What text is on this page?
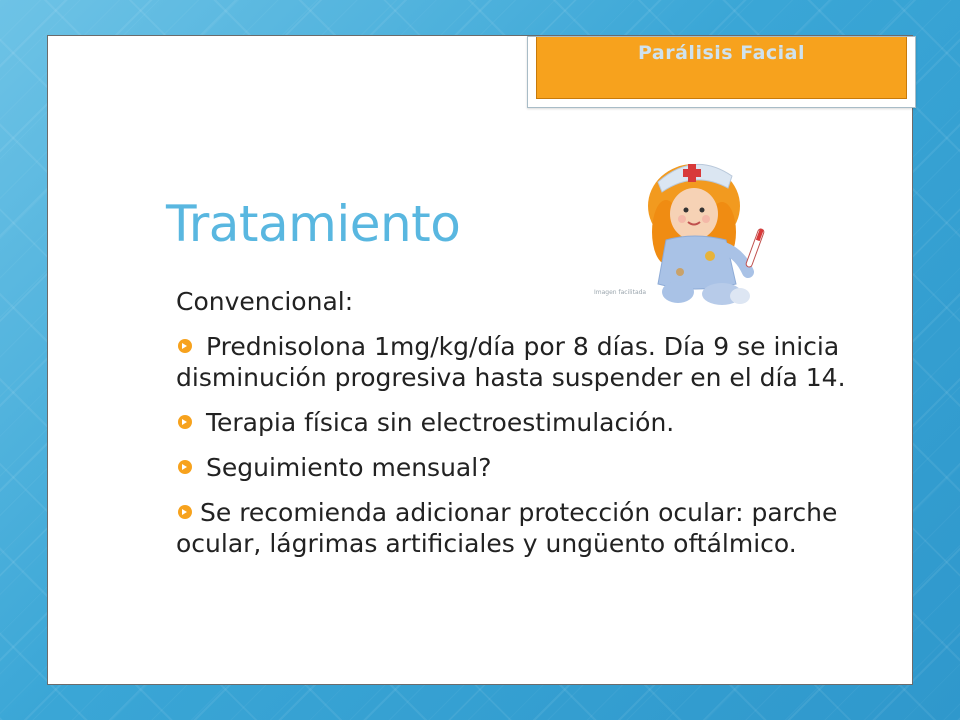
Parálisis Facial
Tratamiento
Imagen facilitada

Convencional:

Prednisolona 1mg/kg/día por 8 días. Día 9 se inicia disminución progresiva hasta suspender en el día 14.

Terapia física sin electroestimulación.

Seguimiento mensual?

Se recomienda adicionar protección ocular: parche ocular, lágrimas artificiales y ungüento oftálmico.
